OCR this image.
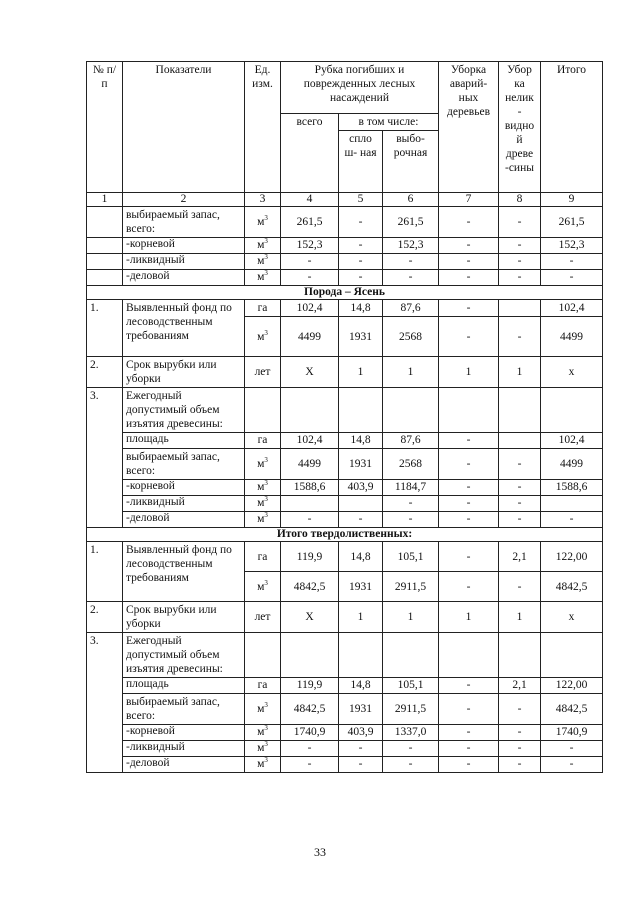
№ п/п	Показатели	Ед. изм.	Рубка погибших и поврежденных лесных насаждений			Уборка аварий- ных деревьев	Убор ка нелик - видно й древе -сины	Итого
			всего	в том числе:				
				спло ш- ная	выбо- рочная			
1	2	3	4	5	6	7	8	9
	выбираемый запас, всего:	$м^3$	261,5	-	261,5	-	-	261,5
	-корневой	$м^3$	152,3	-	152,3	-	-	152,3
	-ликвидный	$м^3$	-	-	-	-	-	-
	-деловой	$м^3$	-	-	-	-	-	-
Порода – Ясень								
1.	Выявленный фонд по лесоводственным требованиям	га	102,4	14,8	87,6	-		102,4
		$м^3$	4499	1931	2568	-	-	4499
2.	Срок вырубки или уборки	лет	Х	1	1	1	1	х
3.	Ежегодный допустимый объем изъятия древесины:							
	площадь	га	102,4	14,8	87,6	-		102,4
	выбираемый запас, всего:	$м^3$	4499	1931	2568	-	-	4499
	-корневой	$м^3$	1588,6	403,9	1184,7	-	-	1588,6
	-ликвидный	$м^3$			-	-	-	
	-деловой	$м^3$	-	-	-	-	-	-
Итого твердолиственных:								
1.	Выявленный фонд по лесоводственным требованиям	га	119,9	14,8	105,1	-	2,1	122,00
		$м^3$	4842,5	1931	2911,5	-	-	4842,5
2.	Срок вырубки или уборки	лет	Х	1	1	1	1	х
3.	Ежегодный допустимый объем изъятия древесины:							
	площадь	га	119,9	14,8	105,1	-	2,1	122,00
	выбираемый запас, всего:	$м^3$	4842,5	1931	2911,5	-	-	4842,5
	-корневой	$м^3$	1740,9	403,9	1337,0	-	-	1740,9
	-ликвидный	$м^3$	-	-	-	-	-	-
	-деловой	$м^3$	-	-	-	-	-	-
33
